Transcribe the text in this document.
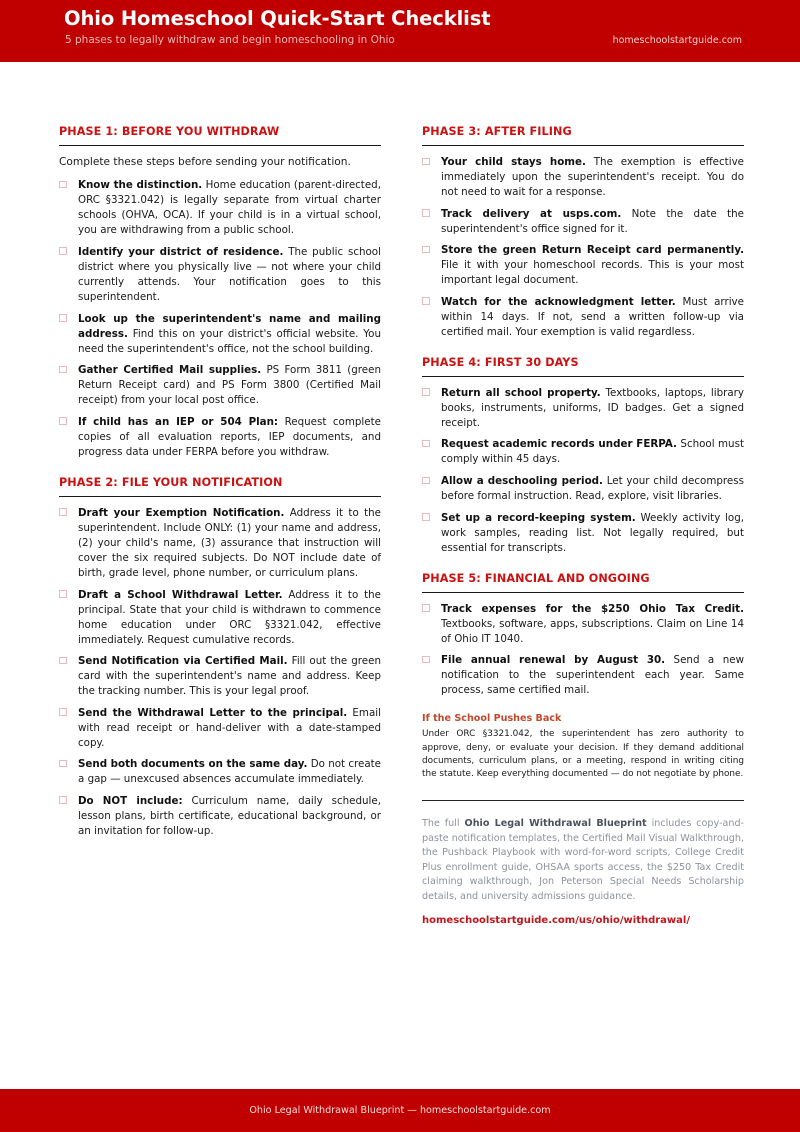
Ohio Homeschool Quick-Start Checklist
5 phases to legally withdraw and begin homeschooling in Ohio	homeschoolstartguide.com
PHASE 1: BEFORE YOU WITHDRAW

Complete these steps before sending your notification.

Know the distinction. Home education (parent-directed, ORC §3321.042) is legally separate from virtual charter schools (OHVA, OCA). If your child is in a virtual school, you are withdrawing from a public school.
Identify your district of residence. The public school district where you physically live — not where your child currently attends. Your notification goes to this superintendent.
Look up the superintendent's name and mailing address. Find this on your district's official website. You need the superintendent's office, not the school building.
Gather Certified Mail supplies. PS Form 3811 (green Return Receipt card) and PS Form 3800 (Certified Mail receipt) from your local post office.
If child has an IEP or 504 Plan: Request complete copies of all evaluation reports, IEP documents, and progress data under FERPA before you withdraw.
PHASE 2: FILE YOUR NOTIFICATION
Draft your Exemption Notification. Address it to the superintendent. Include ONLY: (1) your name and address, (2) your child's name, (3) assurance that instruction will cover the six required subjects. Do NOT include date of birth, grade level, phone number, or curriculum plans.
Draft a School Withdrawal Letter. Address it to the principal. State that your child is withdrawn to commence home education under ORC §3321.042, effective immediately. Request cumulative records.
Send Notification via Certified Mail. Fill out the green card with the superintendent's name and address. Keep the tracking number. This is your legal proof.
Send the Withdrawal Letter to the principal. Email with read receipt or hand-deliver with a date-stamped copy.
Send both documents on the same day. Do not create a gap — unexcused absences accumulate immediately.
Do NOT include: Curriculum name, daily schedule, lesson plans, birth certificate, educational background, or an invitation for follow-up.
PHASE 3: AFTER FILING
Your child stays home. The exemption is effective immediately upon the superintendent's receipt. You do not need to wait for a response.
Track delivery at usps.com. Note the date the superintendent's office signed for it.
Store the green Return Receipt card permanently. File it with your homeschool records. This is your most important legal document.
Watch for the acknowledgment letter. Must arrive within 14 days. If not, send a written follow-up via certified mail. Your exemption is valid regardless.
PHASE 4: FIRST 30 DAYS
Return all school property. Textbooks, laptops, library books, instruments, uniforms, ID badges. Get a signed receipt.
Request academic records under FERPA. School must comply within 45 days.
Allow a deschooling period. Let your child decompress before formal instruction. Read, explore, visit libraries.
Set up a record-keeping system. Weekly activity log, work samples, reading list. Not legally required, but essential for transcripts.
PHASE 5: FINANCIAL AND ONGOING
Track expenses for the $250 Ohio Tax Credit. Textbooks, software, apps, subscriptions. Claim on Line 14 of Ohio IT 1040.
File annual renewal by August 30. Send a new notification to the superintendent each year. Same process, same certified mail.
If the School Pushes Back

Under ORC §3321.042, the superintendent has zero authority to approve, deny, or evaluate your decision. If they demand additional documents, curriculum plans, or a meeting, respond in writing citing the statute. Keep everything documented — do not negotiate by phone.

The full Ohio Legal Withdrawal Blueprint includes copy-and-paste notification templates, the Certified Mail Visual Walkthrough, the Pushback Playbook with word-for-word scripts, College Credit Plus enrollment guide, OHSAA sports access, the $250 Tax Credit claiming walkthrough, Jon Peterson Special Needs Scholarship details, and university admissions guidance.
homeschoolstartguide.com/us/ohio/withdrawal/
Ohio Legal Withdrawal Blueprint — homeschoolstartguide.com
